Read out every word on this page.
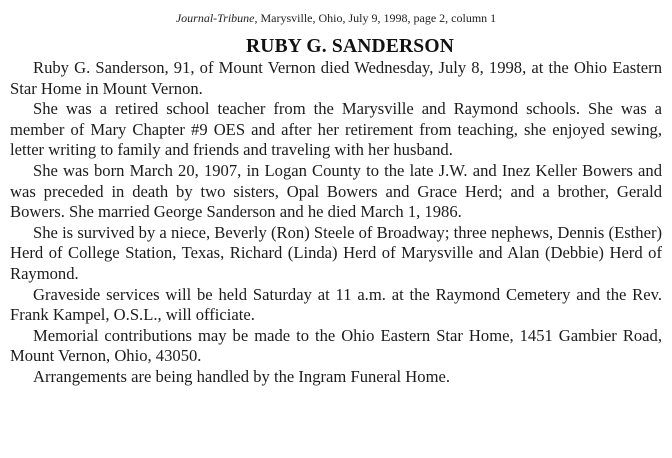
Journal-Tribune, Marysville, Ohio, July 9, 1998, page 2, column 1
RUBY G. SANDERSON

Ruby G. Sanderson, 91, of Mount Vernon died Wednesday, July 8, 1998, at the Ohio Eastern Star Home in Mount Vernon.

She was a retired school teacher from the Marysville and Raymond schools. She was a member of Mary Chapter #9 OES and after her retirement from teaching, she enjoyed sewing, letter writing to family and friends and traveling with her husband.

She was born March 20, 1907, in Logan County to the late J.W. and Inez Keller Bowers and was preceded in death by two sisters, Opal Bowers and Grace Herd; and a brother, Gerald Bowers. She married George Sanderson and he died March 1, 1986.

She is survived by a niece, Beverly (Ron) Steele of Broadway; three nephews, Dennis (Esther) Herd of College Station, Texas, Richard (Linda) Herd of Marysville and Alan (Debbie) Herd of Raymond.

Graveside services will be held Saturday at 11 a.m. at the Raymond Cemetery and the Rev. Frank Kampel, O.S.L., will officiate.

Memorial contributions may be made to the Ohio Eastern Star Home, 1451 Gambier Road, Mount Vernon, Ohio, 43050.

Arrangements are being handled by the Ingram Funeral Home.
